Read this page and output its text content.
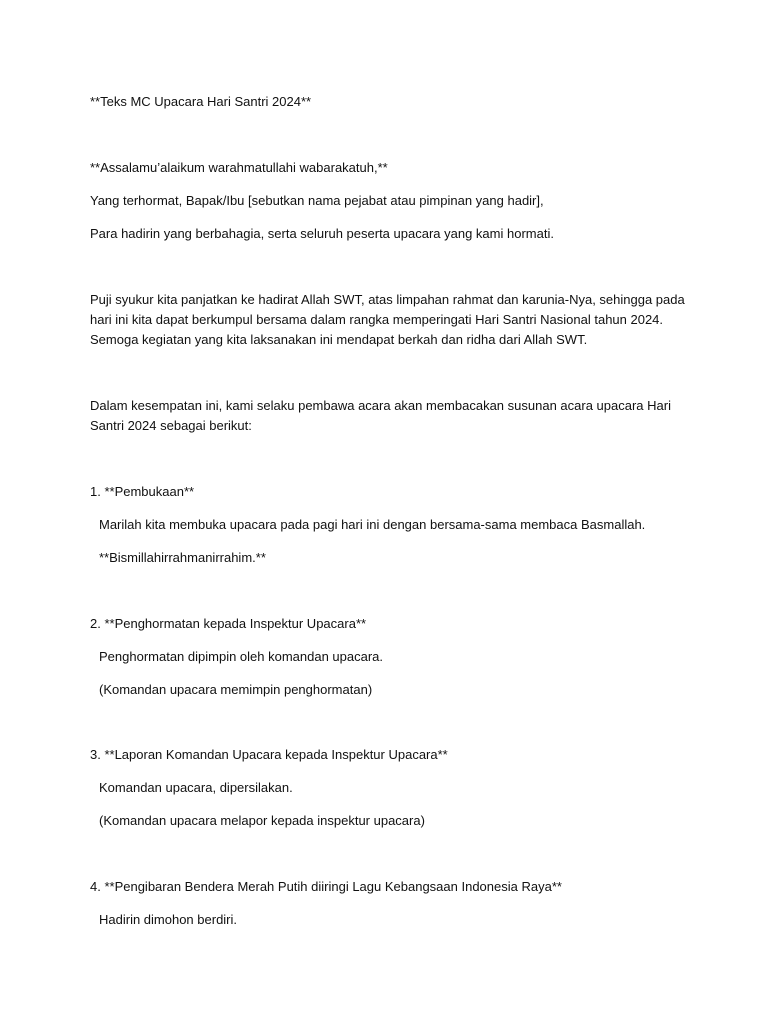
**Teks MC Upacara Hari Santri 2024**
**Assalamu’alaikum warahmatullahi wabarakatuh,**
Yang terhormat, Bapak/Ibu [sebutkan nama pejabat atau pimpinan yang hadir],
Para hadirin yang berbahagia, serta seluruh peserta upacara yang kami hormati.
Puji syukur kita panjatkan ke hadirat Allah SWT, atas limpahan rahmat dan karunia-Nya, sehingga pada
hari ini kita dapat berkumpul bersama dalam rangka memperingati Hari Santri Nasional tahun 2024.
Semoga kegiatan yang kita laksanakan ini mendapat berkah dan ridha dari Allah SWT.
Dalam kesempatan ini, kami selaku pembawa acara akan membacakan susunan acara upacara Hari
Santri 2024 sebagai berikut:
1. **Pembukaan**
Marilah kita membuka upacara pada pagi hari ini dengan bersama-sama membaca Basmallah.
**Bismillahirrahmanirrahim.**
2. **Penghormatan kepada Inspektur Upacara**
Penghormatan dipimpin oleh komandan upacara.
(Komandan upacara memimpin penghormatan)
3. **Laporan Komandan Upacara kepada Inspektur Upacara**
Komandan upacara, dipersilakan.
(Komandan upacara melapor kepada inspektur upacara)
4. **Pengibaran Bendera Merah Putih diiringi Lagu Kebangsaan Indonesia Raya**
Hadirin dimohon berdiri.
